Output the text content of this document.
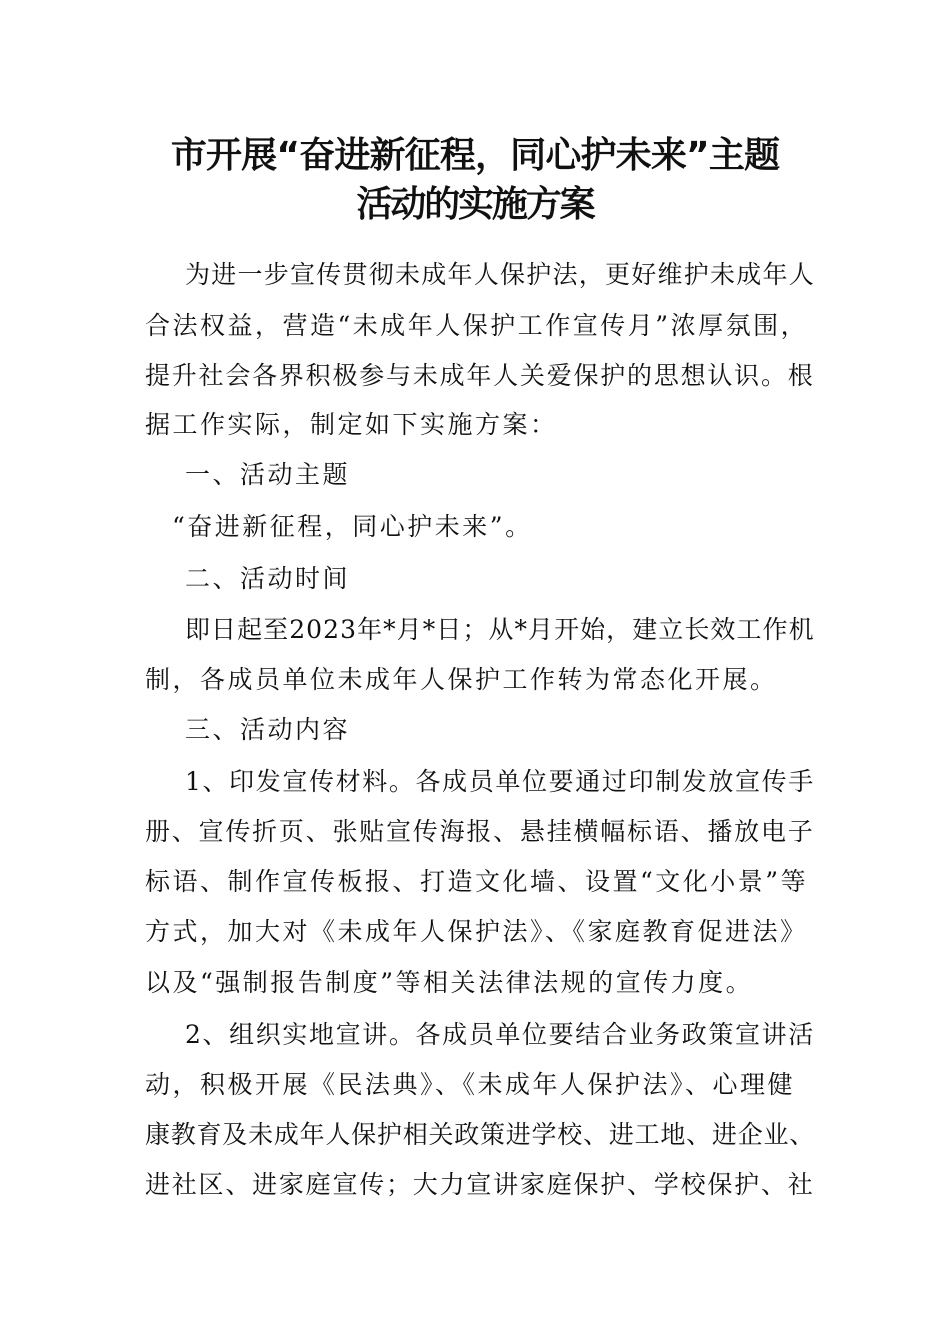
市开展“奋进新征程，同心护未来”主题
活动的实施方案
为进一步宣传贯彻未成年人保护法，更好维护未成年人
合法权益，营造“未成年人保护工作宣传月”浓厚氛围，
提升社会各界积极参与未成年人关爱保护的思想认识。根
据工作实际，制定如下实施方案：
一、活动主题
“奋进新征程，同心护未来”。
二、活动时间
即日起至2023年*月*日；从*月开始，建立长效工作机
制，各成员单位未成年人保护工作转为常态化开展。
三、活动内容
1、印发宣传材料。各成员单位要通过印制发放宣传手
册、宣传折页、张贴宣传海报、悬挂横幅标语、播放电子
标语、制作宣传板报、打造文化墙、设置“文化小景”等
方式，加大对《未成年人保护法》、《家庭教育促进法》
以及“强制报告制度”等相关法律法规的宣传力度。
2、组织实地宣讲。各成员单位要结合业务政策宣讲活
动，积极开展《民法典》、《未成年人保护法》、心理健
康教育及未成年人保护相关政策进学校、进工地、进企业、
进社区、进家庭宣传；大力宣讲家庭保护、学校保护、社
